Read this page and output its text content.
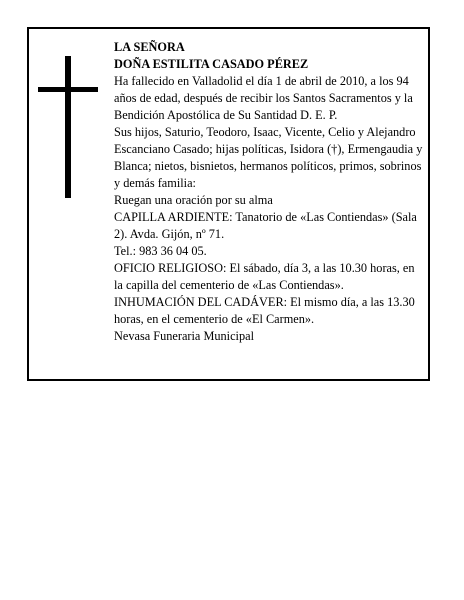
LA SEÑORA

DOÑA ESTILITA CASADO PÉREZ

Ha fallecido en Valladolid el día 1 de abril de 2010, a los 94 años de edad, después de recibir los Santos Sacramentos y la Bendición Apostólica de Su Santidad D. E. P.

Sus hijos, Saturio, Teodoro, Isaac, Vicente, Celio y Alejandro Escanciano Casado; hijas políticas, Isidora (†), Ermengaudia y Blanca; nietos, bisnietos, hermanos políticos, primos, sobrinos y demás familia:

Ruegan una oración por su alma

CAPILLA ARDIENTE: Tanatorio de «Las Contiendas» (Sala 2). Avda. Gijón, nº 71.

Tel.: 983 36 04 05.

OFICIO RELIGIOSO: El sábado, día 3, a las 10.30 horas, en la capilla del cementerio de «Las Contiendas».

INHUMACIÓN DEL CADÁVER: El mismo día, a las 13.30 horas, en el cementerio de «El Carmen».

Nevasa Funeraria Municipal
